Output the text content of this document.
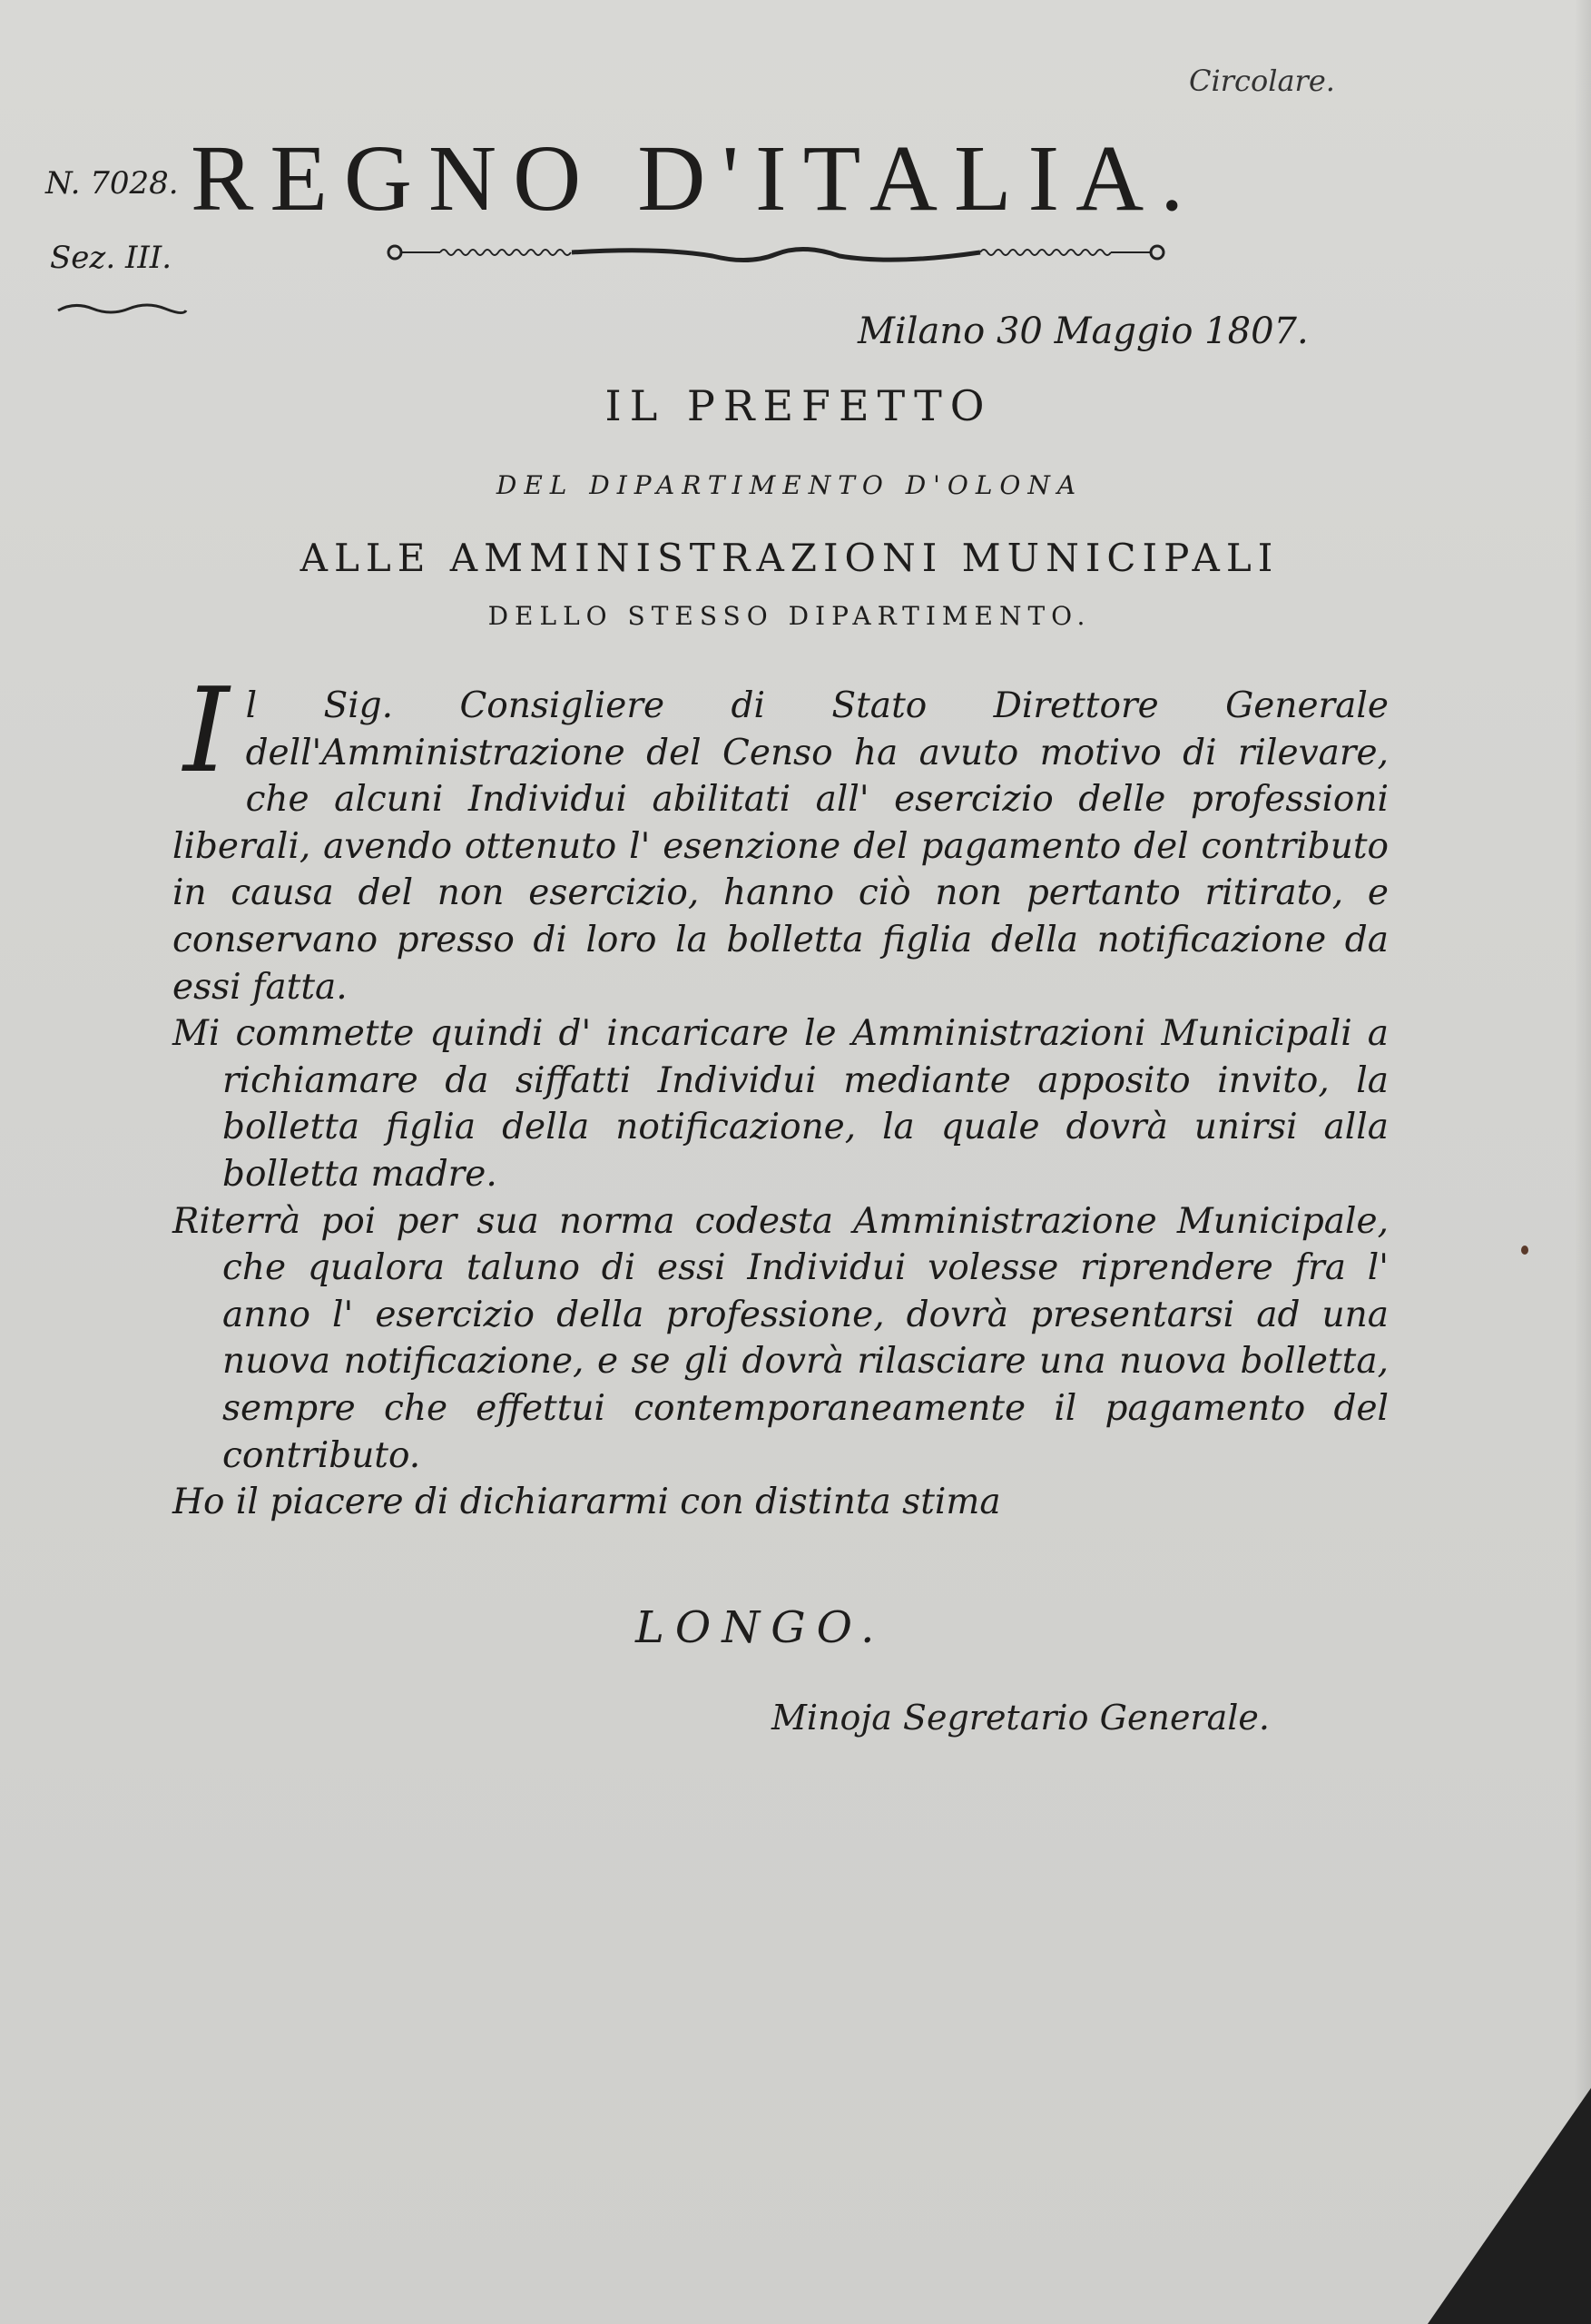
Circolare.
N. 7028.
Sez. III.
REGNO D'ITALIA.
Milano 30 Maggio 1807.
IL PREFETTO
DEL DIPARTIMENTO D'OLONA
ALLE AMMINISTRAZIONI MUNICIPALI
DELLO STESSO DIPARTIMENTO.

Il Sig. Consigliere di Stato Direttore Generale dell'Amministrazione del Censo ha avuto motivo di rilevare, che alcuni Individui abilitati all' esercizio delle professioni liberali, avendo ottenuto l' esenzione del pagamento del contributo in causa del non esercizio, hanno ciò non pertanto ritirato, e conservano presso di loro la bolletta figlia della notificazione da essi fatta.

Mi commette quindi d' incaricare le Amministrazioni Municipali a richiamare da siffatti Individui mediante apposito invito, la bolletta figlia della notificazione, la quale dovrà unirsi alla bolletta madre.

Riterrà poi per sua norma codesta Amministrazione Municipale, che qualora taluno di essi Individui volesse riprendere fra l' anno l' esercizio della professione, dovrà presentarsi ad una nuova notificazione, e se gli dovrà rilasciare una nuova bolletta, sempre che effettui contemporaneamente il pagamento del contributo.

Ho il piacere di dichiararmi con distinta stima

LONGO.
Minoja Segretario Generale.
